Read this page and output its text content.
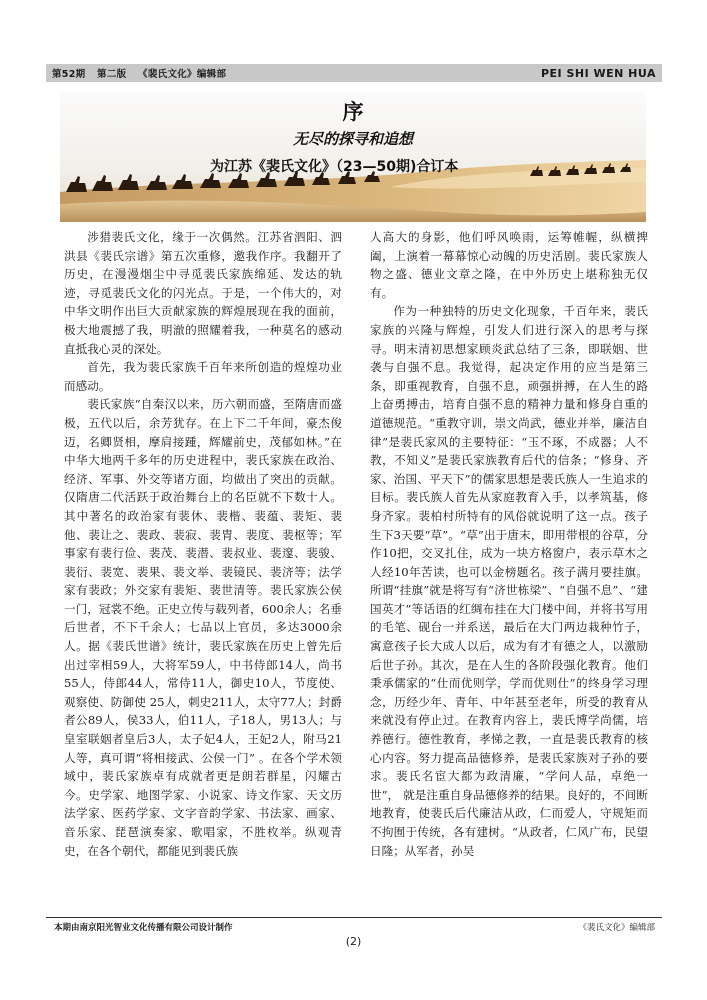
第52期 第二版 《裴氏文化》编辑部	PEI SHI WEN HUA
序
无尽的探寻和追想
为江苏《裴氏文化》（23—50期)合订本

涉猎裴氏文化，缘于一次偶然。江苏省泗阳、泗洪县《裴氏宗谱》第五次重修，邀我作序。我翻开了历史，在漫漫烟尘中寻觅裴氏家族绵延、发达的轨迹，寻觅裴氏文化的闪光点。于是，一个伟大的，对中华文明作出巨大贡献家族的辉煌展现在我的面前，极大地震撼了我，明澈的照耀着我，一种莫名的感动直抵我心灵的深处。

首先，我为裴氏家族千百年来所创造的煌煌功业而感动。

裴氏家族“自秦汉以来，历六朝而盛，至隋唐而盛极，五代以后，余芳犹存。在上下二千年间，豪杰俊迈，名卿贤相，摩肩接踵，辉耀前史，茂郁如林。”在中华大地两千多年的历史进程中，裴氏家族在政治、经济、军事、外交等诸方面，均做出了突出的贡献。仅隋唐二代活跃于政治舞台上的名臣就不下数十人。其中著名的政治家有裴休、裴楷、裴蕴、裴矩、裴他、裴让之、裴政、裴寂、裴胄、裴度、裴枢等；军事家有裴行俭、裴茂、裴潜、裴叔业、裴邃、裴骏、裴衍、裴宽、裴果、裴文举、裴镜民、裴济等；法学家有裴政；外交家有裴矩、裴世清等。裴氏家族公侯一门，冠裳不绝。正史立传与载列者，600余人；名垂后世者，不下千余人；七品以上官员，多达3000余人。据《裴氏世谱》统计，裴氏家族在历史上曾先后出过宰相59人，大将军59人，中书侍郎14人，尚书55人，侍郎44人，常侍11人，御史10人，节度使、观察使、防御使 25人，刺史211人，太守77人；封爵者公89人，侯33人，伯11人，子18人，男13人；与皇室联姻者皇后3人，太子妃4人，王妃2人，附马21人等，真可谓“将相接武、公侯一门” 。在各个学术领域中，裴氏家族卓有成就者更是朗若群星，闪耀古今。史学家、地图学家、小说家、诗文作家、天文历法学家、医药学家、文字音韵学家、书法家、画家、音乐家、琵琶演奏家、歌唱家，不胜枚举。纵观青史，在各个朝代，都能见到裴氏族

人高大的身影，他们呼风唤雨，运筹帷幄，纵横捭阖，上演着一幕幕惊心动魄的历史活剧。裴氏家族人物之盛、德业文章之隆，在中外历史上堪称独无仅有。

作为一种独特的历史文化现象，千百年来，裴氏家族的兴隆与辉煌，引发人们进行深入的思考与探寻。明末清初思想家顾炎武总结了三条，即联姻、世袭与自强不息。我觉得，起决定作用的应当是第三条，即重视教育，自强不息，顽强拼搏，在人生的路上奋勇搏击，培育自强不息的精神力量和修身自重的道德规范。“重教守训，崇文尚武，德业并举，廉洁自律”是裴氏家风的主要特征：“玉不琢，不成器；人不教，不知义”是裴氏家族教育后代的信条；“修身、齐家、治国、平天下”的儒家思想是裴氏族人一生追求的目标。裴氏族人首先从家庭教育入手，以孝筑基，修身齐家。裴柏村所特有的风俗就说明了这一点。孩子生下3天要“草”。“草”出于唐末，即用带根的谷草，分作10把，交叉扎住，成为一块方格窗户，表示草木之人经10年苦读，也可以金榜题名。孩子满月要挂旗。所谓“挂旗”就是将写有“济世栋梁”、“自强不息”、“建国英才”等话语的红绸布挂在大门楼中间，并将书写用的毛笔、砚台一并系送，最后在大门两边栽种竹子，寓意孩子长大成人以后，成为有才有德之人，以激励后世子孙。其次，是在人生的各阶段强化教育。他们秉承儒家的“仕而优则学，学而优则仕”的终身学习理念，历经少年、青年、中年甚至老年，所受的教育从来就没有停止过。在教育内容上，裴氏博学尚儒，培养德行。德性教育，孝悌之教，一直是裴氏教育的核心内容。努力提高品德修养，是裴氏家族对子孙的要求。裴氏名宦大都为政清廉，“学问人品，卓绝一世”， 就是注重自身品德修养的结果。良好的，不间断地教育，使裴氏后代廉洁从政，仁而爱人，守规矩而不拘囿于传统，各有建树。“从政者，仁风广布，民望日隆；从军者，孙吴

本期由南京阳光智业文化传播有限公司设计制作	《裴氏文化》编辑部
(2)
